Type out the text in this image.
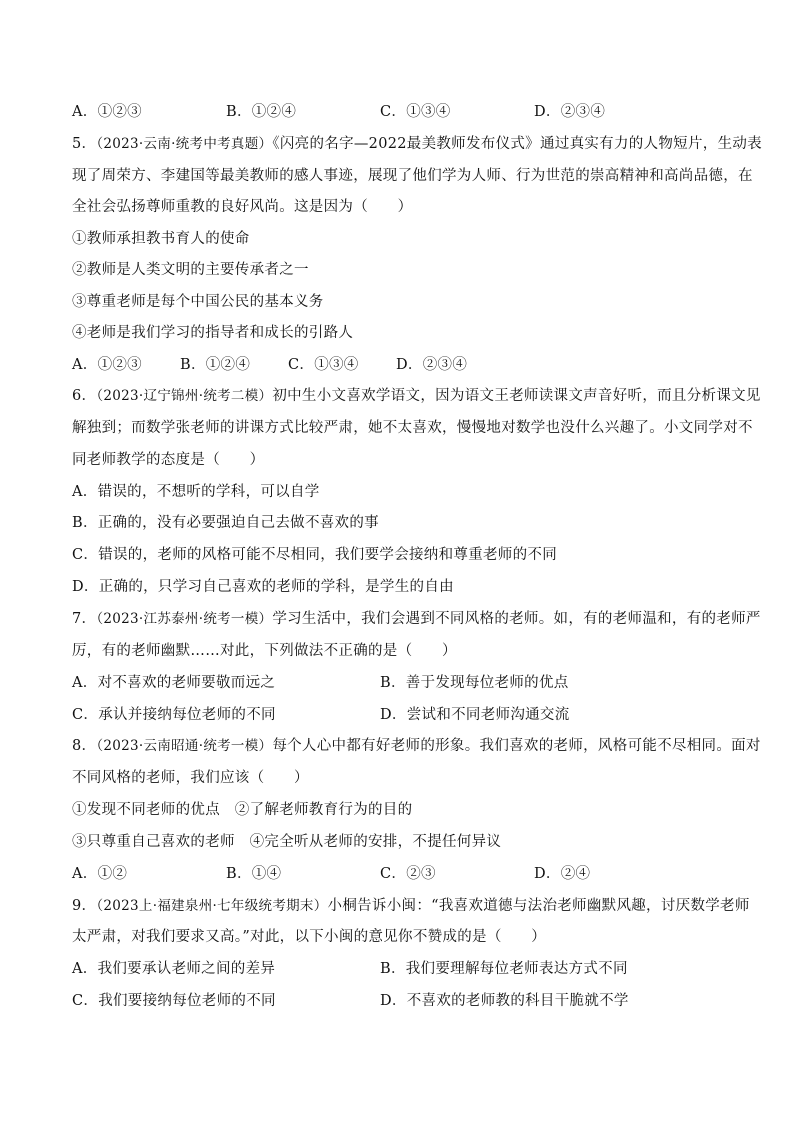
A．①②③	B．①②④	C．①③④	D．②③④
5．（2023·云南·统考中考真题）《闪亮的名字—2022最美教师发布仪式》通过真实有力的人物短片，生动表
现了周荣方、李建国等最美教师的感人事迹，展现了他们学为人师、行为世范的崇高精神和高尚品德，在
全社会弘扬尊师重教的良好风尚。这是因为（　　）
①教师承担教书育人的使命
②教师是人类文明的主要传承者之一
③尊重老师是每个中国公民的基本义务
④老师是我们学习的指导者和成长的引路人
A．①②③	B．①②④	C．①③④	D．②③④
6．（2023·辽宁锦州·统考二模）初中生小文喜欢学语文，因为语文王老师读课文声音好听，而且分析课文见
解独到；而数学张老师的讲课方式比较严肃，她不太喜欢，慢慢地对数学也没什么兴趣了。小文同学对不
同老师教学的态度是（　　）
A．错误的，不想听的学科，可以自学
B．正确的，没有必要强迫自己去做不喜欢的事
C．错误的，老师的风格可能不尽相同，我们要学会接纳和尊重老师的不同
D．正确的，只学习自己喜欢的老师的学科，是学生的自由
7．（2023·江苏泰州·统考一模）学习生活中，我们会遇到不同风格的老师。如，有的老师温和，有的老师严
厉，有的老师幽默……对此，下列做法不正确的是（　　）
A．对不喜欢的老师要敬而远之	B．善于发现每位老师的优点
C．承认并接纳每位老师的不同	D．尝试和不同老师沟通交流
8．（2023·云南昭通·统考一模）每个人心中都有好老师的形象。我们喜欢的老师，风格可能不尽相同。面对
不同风格的老师，我们应该（　　）
①发现不同老师的优点　②了解老师教育行为的目的
③只尊重自己喜欢的老师　④完全听从老师的安排，不提任何异议
A．①②	B．①④	C．②③	D．②④
9．（2023上·福建泉州·七年级统考期末）小桐告诉小闽：“我喜欢道德与法治老师幽默风趣，讨厌数学老师
太严肃，对我们要求又高。”对此，以下小闽的意见你不赞成的是（　　）
A．我们要承认老师之间的差异	B．我们要理解每位老师表达方式不同
C．我们要接纳每位老师的不同	D．不喜欢的老师教的科目干脆就不学
